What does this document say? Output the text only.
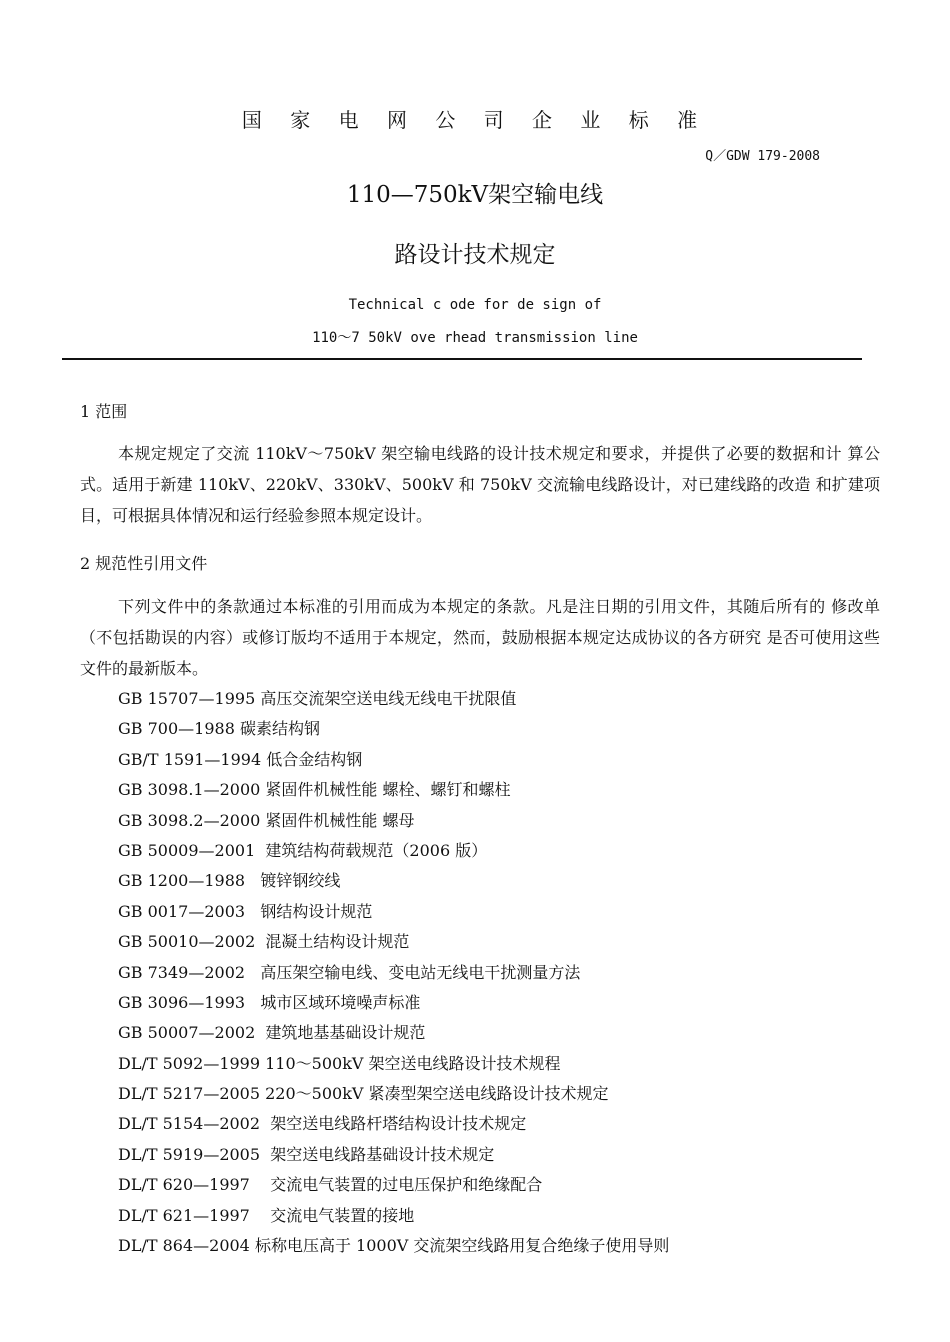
国 家 电 网 公 司 企 业 标 准
Q／GDW 179-2008
110—750kV架空输电线
路设计技术规定
Technical c ode for de sign of
110～7 50kV ove rhead transmission line
1 范围
本规定规定了交流 110kV～750kV 架空输电线路的设计技术规定和要求，并提供了必要的数据和计 算公式。适用于新建 110kV、220kV、330kV、500kV 和 750kV 交流输电线路设计，对已建线路的改造 和扩建项目，可根据具体情况和运行经验参照本规定设计。
2 规范性引用文件
下列文件中的条款通过本标准的引用而成为本规定的条款。凡是注日期的引用文件，其随后所有的 修改单（不包括勘误的内容）或修订版均不适用于本规定，然而，鼓励根据本规定达成协议的各方研究 是否可使用这些文件的最新版本。
GB 15707—1995 高压交流架空送电线无线电干扰限值
GB 700—1988 碳素结构钢
GB/T 1591—1994 低合金结构钢
GB 3098.1—2000 紧固件机械性能 螺栓、螺钉和螺柱
GB 3098.2—2000 紧固件机械性能 螺母
GB 50009—2001  建筑结构荷载规范（2006 版）
GB 1200—1988   镀锌钢绞线
GB 0017—2003   钢结构设计规范
GB 50010—2002  混凝土结构设计规范
GB 7349—2002   高压架空输电线、变电站无线电干扰测量方法
GB 3096—1993   城市区域环境噪声标准
GB 50007—2002  建筑地基基础设计规范
DL/T 5092—1999 110～500kV 架空送电线路设计技术规程
DL/T 5217—2005 220～500kV 紧凑型架空送电线路设计技术规定
DL/T 5154—2002  架空送电线路杆塔结构设计技术规定
DL/T 5919—2005  架空送电线路基础设计技术规定
DL/T 620—1997    交流电气装置的过电压保护和绝缘配合
DL/T 621—1997    交流电气装置的接地
DL/T 864—2004 标称电压高于 1000V 交流架空线路用复合绝缘子使用导则
